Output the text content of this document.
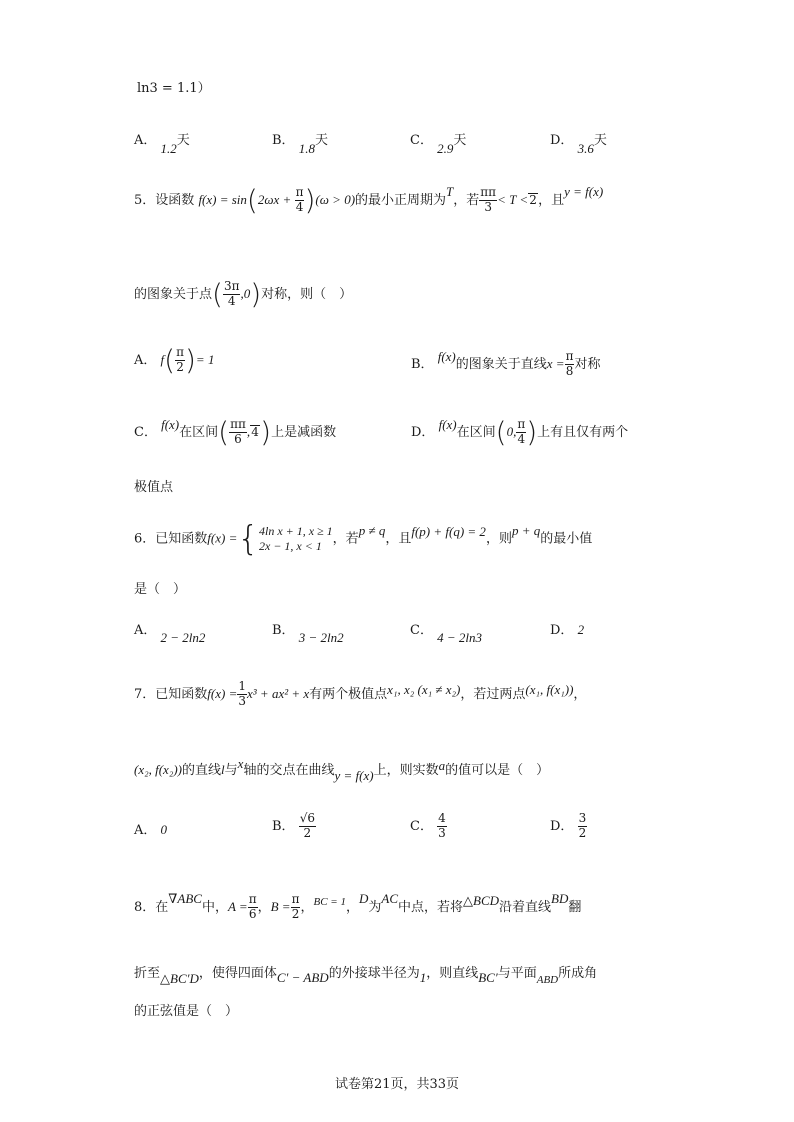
ln3 = 1.1）
A． 1.2天	B． 1.8天	C． 2.9天	D． 3.6天
5．设函数 $f(x) = \sin(2\omega x + \frac{\pi}{4} )(\omega > 0)$的最小正周期为T，若 $\frac{\pi\pi}{3} < T < 2$ ，且y = f(x)
的图象关于点( $\frac{3\pi}{4} ,0$)对称，则（　）
A． $f( \frac{\pi}{2}$ )= 1	B． f(x)的图象关于直线$x = \frac{\pi}{8}$ 对称
C． f(x)在区间( $\frac{\pi\pi}{6}$ , 4 )上是减函数	D． f(x)在区间(0, $\frac{\pi}{4}$ )上有且仅有两个
极值点
6．已知函数f(x) ={ 4ln x + 1, x ≥ 1
2x − 1, x < 1 ，若p ≠ q，且f(p) + f(q) = 2，则p + q的最小值
是（　）
A． 2 − 2ln2	B． 3 − 2ln2	C． 4 − 2ln3	D． 2
7．已知函数$f(x) = \frac{1}{3} x^3 + ax^2 + x$有两个极值点x₁, x₂ (x₁ ≠ x₂)，若过两点(x₁, f(x₁))，
(x₂, f(x₂))的直线l与x轴的交点在曲线y = f(x)上，则实数a的值可以是（　）
A． 0	B． $\frac{√6}{2}$	C． $\frac{4}{3}$	D． $\frac{3}{2}$
8．在∇ABC中，$A = \frac{\pi}{6}$ ，$B = \frac{\pi}{2}$ ，$^{BC = 1}$，D为AC中点，若将△BCD沿着直线BD翻
折至△BC′D，使得四面体C′ − ABD的外接球半径为1，则直线BC′与平面$_{ABD}$所成角
的正弦值是（　）
试卷第21页，共33页
